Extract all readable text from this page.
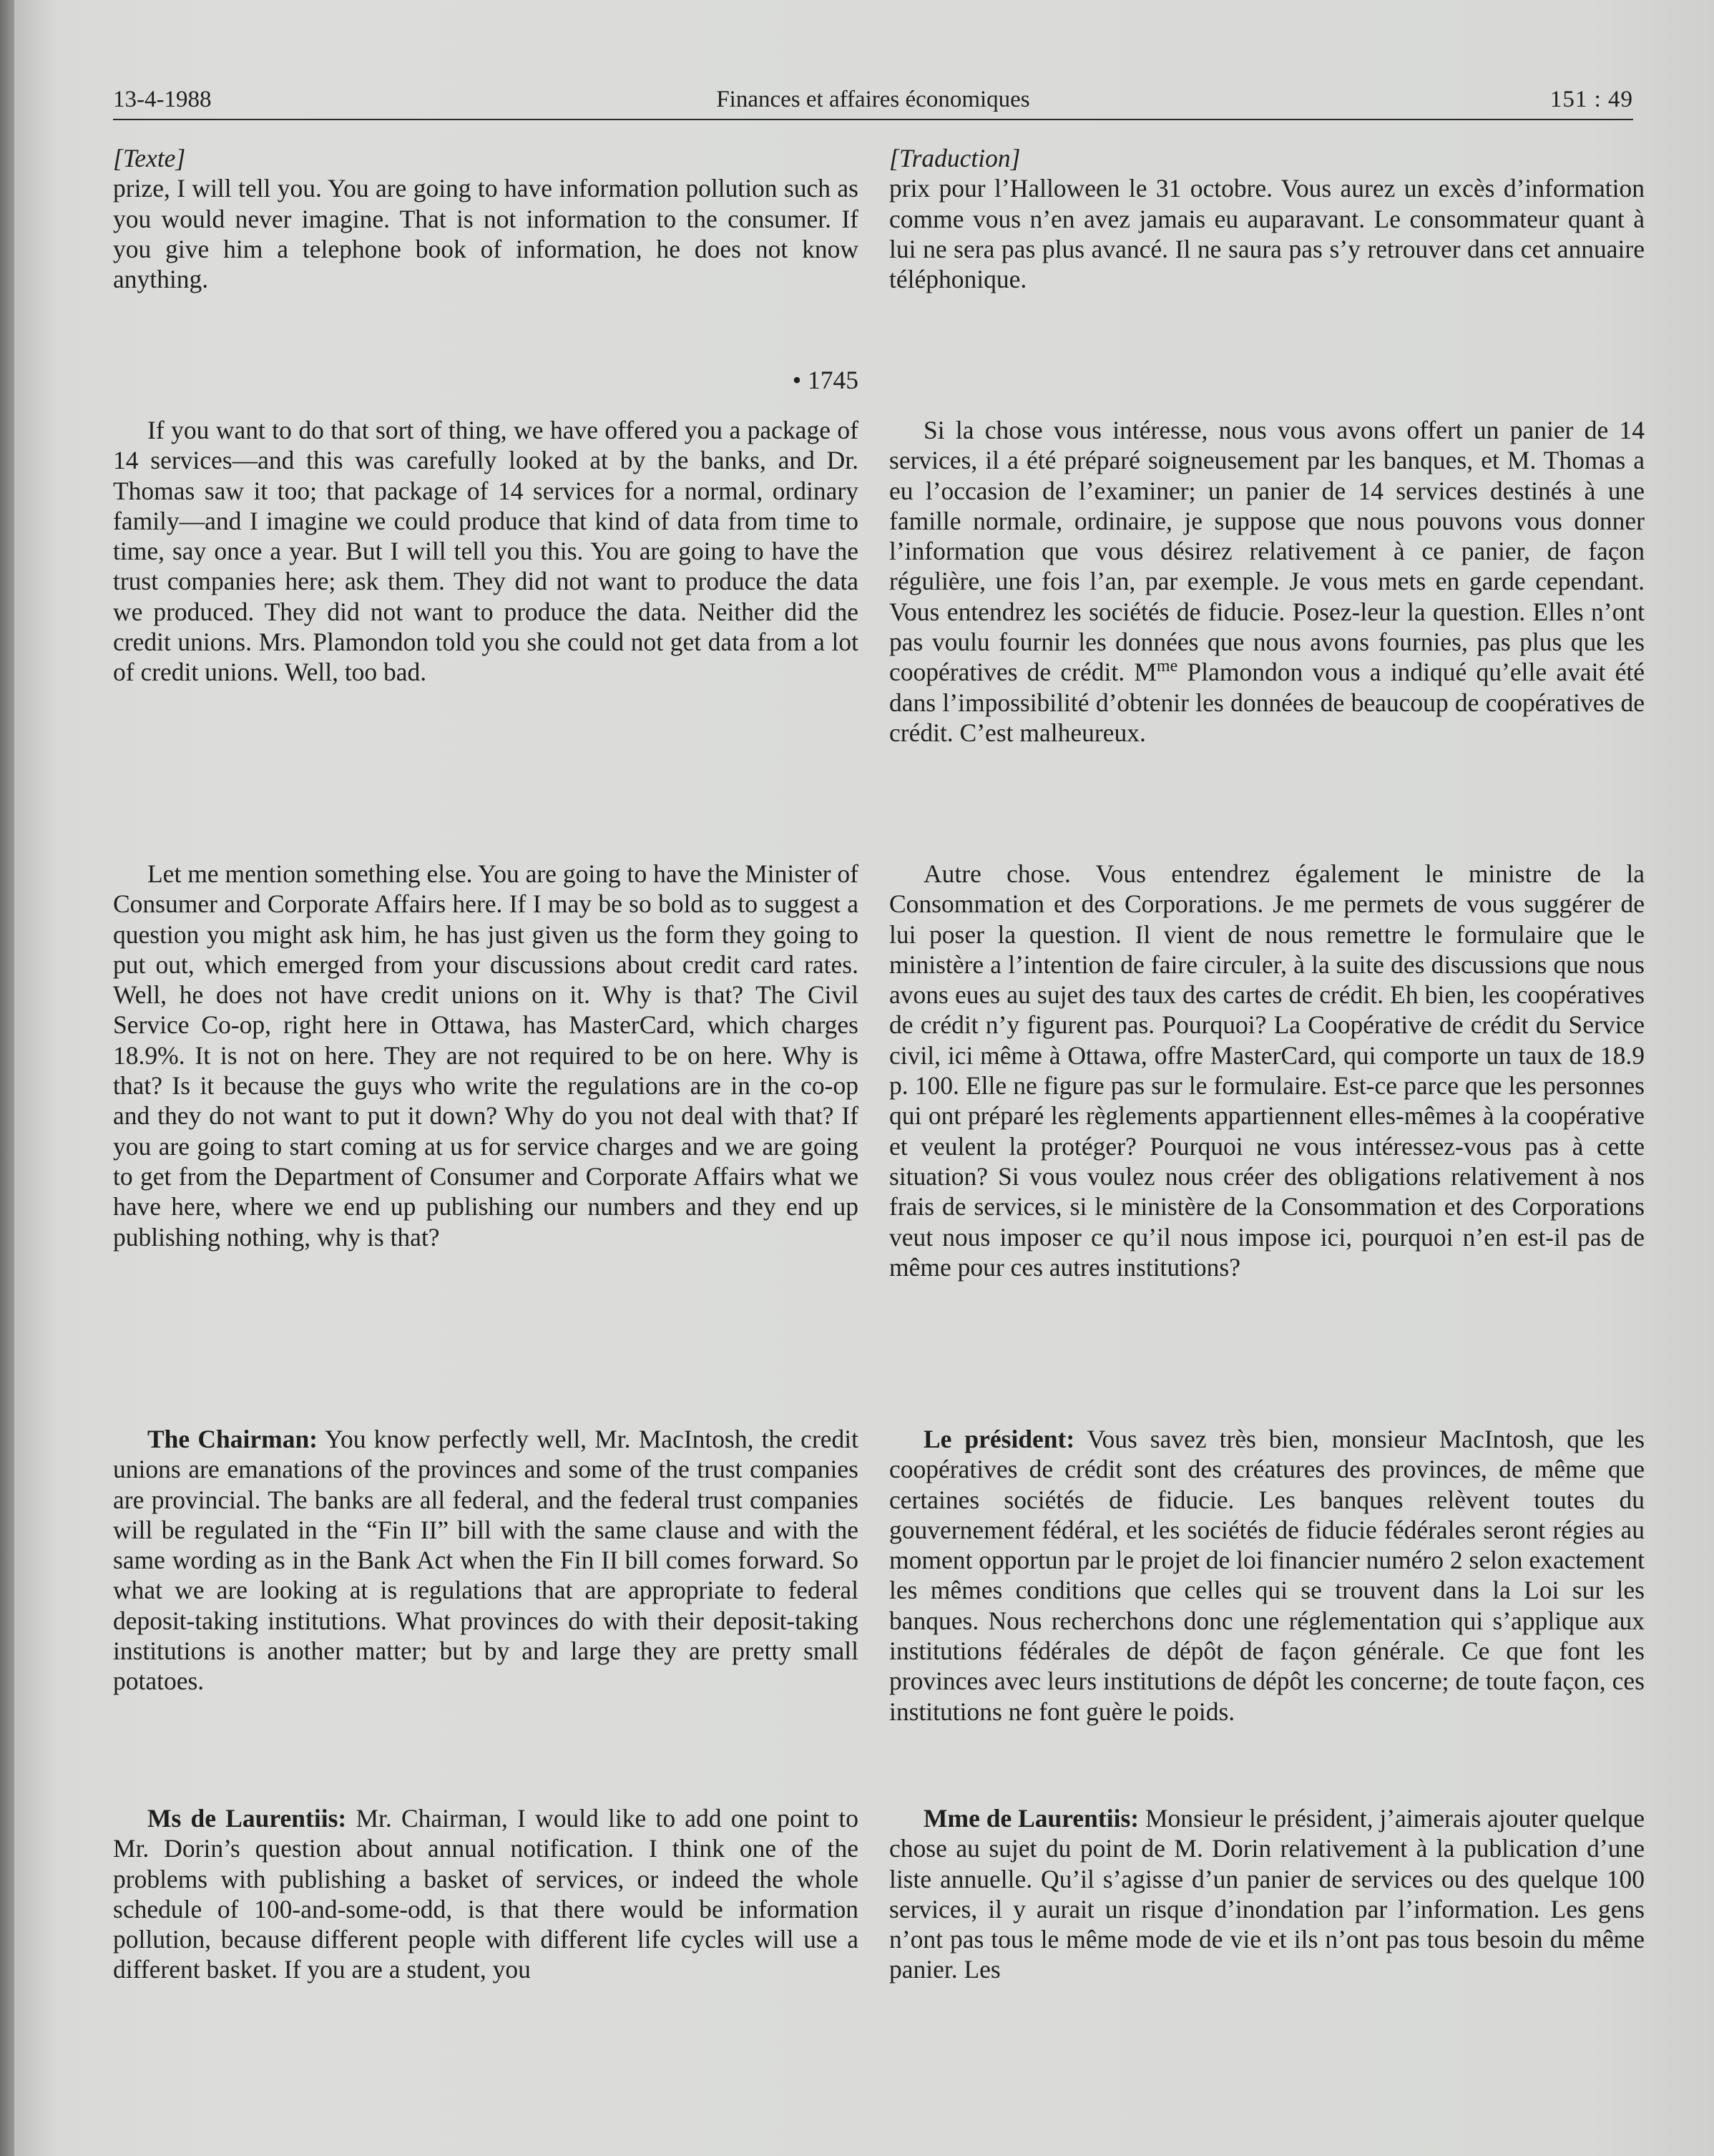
13-4-1988	Finances et affaires économiques	151 : 49

[Texte]

prize, I will tell you. You are going to have information pollution such as you would never imagine. That is not information to the consumer. If you give him a telephone book of information, he does not know anything.

• 1745

If you want to do that sort of thing, we have offered you a package of 14 services—and this was carefully looked at by the banks, and Dr. Thomas saw it too; that package of 14 services for a normal, ordinary family—and I imagine we could produce that kind of data from time to time, say once a year. But I will tell you this. You are going to have the trust companies here; ask them. They did not want to produce the data we produced. They did not want to produce the data. Neither did the credit unions. Mrs. Plamondon told you she could not get data from a lot of credit unions. Well, too bad.

Let me mention something else. You are going to have the Minister of Consumer and Corporate Affairs here. If I may be so bold as to suggest a question you might ask him, he has just given us the form they going to put out, which emerged from your discussions about credit card rates. Well, he does not have credit unions on it. Why is that? The Civil Service Co-op, right here in Ottawa, has MasterCard, which charges 18.9%. It is not on here. They are not required to be on here. Why is that? Is it because the guys who write the regulations are in the co-op and they do not want to put it down? Why do you not deal with that? If you are going to start coming at us for service charges and we are going to get from the Department of Consumer and Corporate Affairs what we have here, where we end up publishing our numbers and they end up publishing nothing, why is that?

The Chairman: You know perfectly well, Mr. MacIntosh, the credit unions are emanations of the provinces and some of the trust companies are provincial. The banks are all federal, and the federal trust companies will be regulated in the “Fin II” bill with the same clause and with the same wording as in the Bank Act when the Fin II bill comes forward. So what we are looking at is regulations that are appropriate to federal deposit-taking institutions. What provinces do with their deposit-taking institutions is another matter; but by and large they are pretty small potatoes.

Ms de Laurentiis: Mr. Chairman, I would like to add one point to Mr. Dorin’s question about annual notification. I think one of the problems with publishing a basket of services, or indeed the whole schedule of 100-and-some-odd, is that there would be information pollution, because different people with different life cycles will use a different basket. If you are a student, you

[Traduction]

prix pour l’Halloween le 31 octobre. Vous aurez un excès d’information comme vous n’en avez jamais eu auparavant. Le consommateur quant à lui ne sera pas plus avancé. Il ne saura pas s’y retrouver dans cet annuaire téléphonique.

Si la chose vous intéresse, nous vous avons offert un panier de 14 services, il a été préparé soigneusement par les banques, et M. Thomas a eu l’occasion de l’examiner; un panier de 14 services destinés à une famille normale, ordinaire, je suppose que nous pouvons vous donner l’information que vous désirez relativement à ce panier, de façon régulière, une fois l’an, par exemple. Je vous mets en garde cependant. Vous entendrez les sociétés de fiducie. Posez-leur la question. Elles n’ont pas voulu fournir les données que nous avons fournies, pas plus que les coopératives de crédit. $M^{me}$ Plamondon vous a indiqué qu’elle avait été dans l’impossibilité d’obtenir les données de beaucoup de coopératives de crédit. C’est malheureux.

Autre chose. Vous entendrez également le ministre de la Consommation et des Corporations. Je me permets de vous suggérer de lui poser la question. Il vient de nous remettre le formulaire que le ministère a l’intention de faire circuler, à la suite des discussions que nous avons eues au sujet des taux des cartes de crédit. Eh bien, les coopératives de crédit n’y figurent pas. Pourquoi? La Coopérative de crédit du Service civil, ici même à Ottawa, offre MasterCard, qui comporte un taux de 18.9 p. 100. Elle ne figure pas sur le formulaire. Est-ce parce que les personnes qui ont préparé les règlements appartiennent elles-mêmes à la coopérative et veulent la protéger? Pourquoi ne vous intéressez-vous pas à cette situation? Si vous voulez nous créer des obligations relativement à nos frais de services, si le ministère de la Consommation et des Corporations veut nous imposer ce qu’il nous impose ici, pourquoi n’en est-il pas de même pour ces autres institutions?

Le président: Vous savez très bien, monsieur MacIntosh, que les coopératives de crédit sont des créatures des provinces, de même que certaines sociétés de fiducie. Les banques relèvent toutes du gouvernement fédéral, et les sociétés de fiducie fédérales seront régies au moment opportun par le projet de loi financier numéro 2 selon exactement les mêmes conditions que celles qui se trouvent dans la Loi sur les banques. Nous recherchons donc une réglementation qui s’applique aux institutions fédérales de dépôt de façon générale. Ce que font les provinces avec leurs institutions de dépôt les concerne; de toute façon, ces institutions ne font guère le poids.

Mme de Laurentiis: Monsieur le président, j’aimerais ajouter quelque chose au sujet du point de M. Dorin relativement à la publication d’une liste annuelle. Qu’il s’agisse d’un panier de services ou des quelque 100 services, il y aurait un risque d’inondation par l’information. Les gens n’ont pas tous le même mode de vie et ils n’ont pas tous besoin du même panier. Les
